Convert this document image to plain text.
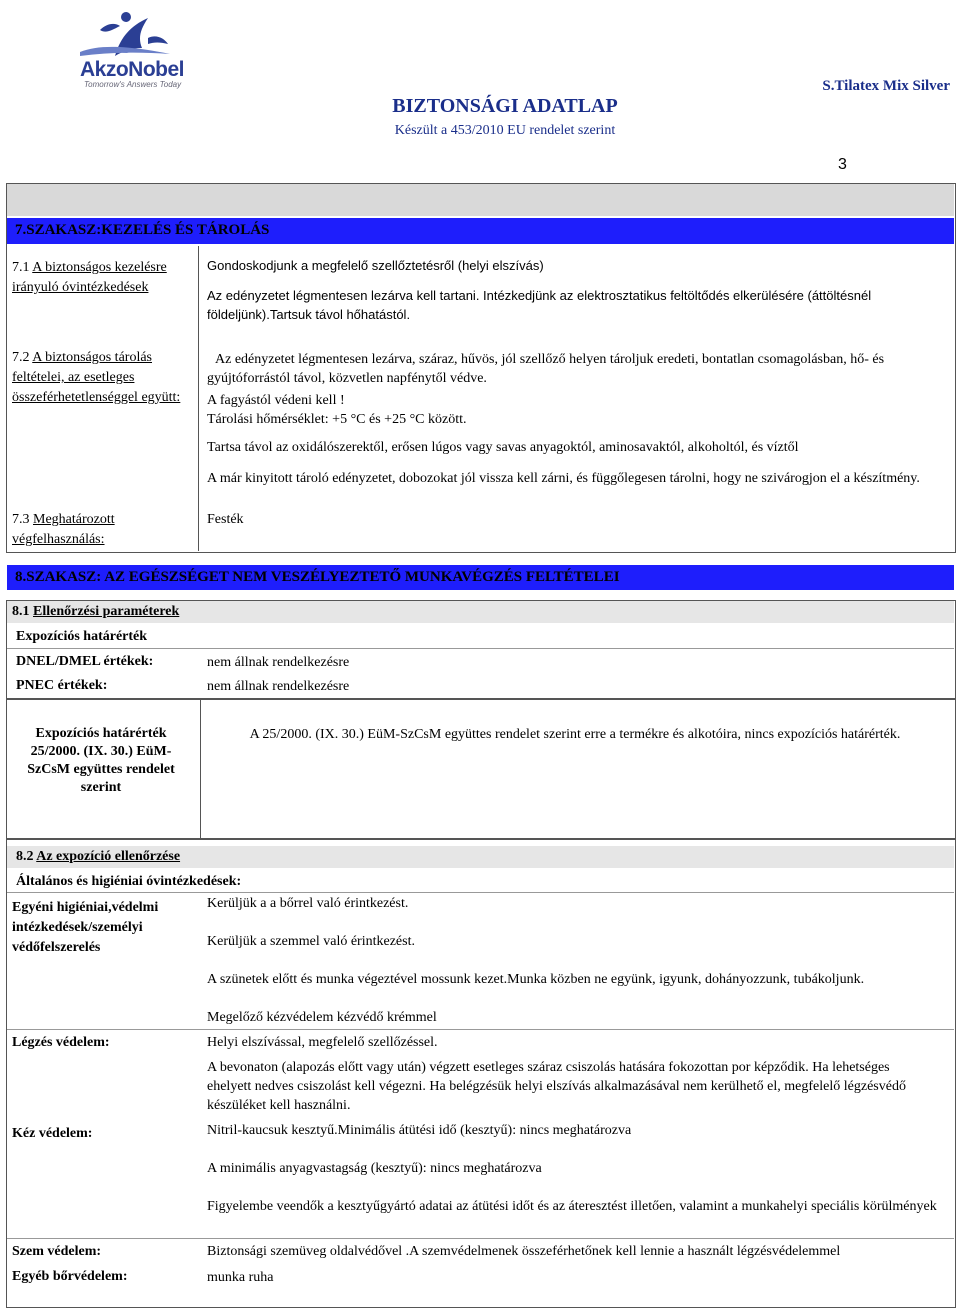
AkzoNobel
Tomorrow's Answers Today
BIZTONSÁGI ADATLAP
Készült a 453/2010 EU rendelet szerint
S.Tilatex Mix Silver
3
7.SZAKASZ:KEZELÉS ÉS TÁROLÁS
7.1 A biztonságos kezelésre irányuló óvintézkedések
Gondoskodjunk a megfelelő szellőztetésről (helyi elszívás)
Az edényzetet légmentesen lezárva kell tartani. Intézkedjünk az elektrosztatikus feltöltődés elkerülésére (áttöltésnél földeljünk).Tartsuk távol hőhatástól.
7.2 A biztonságos tárolás feltételei, az esetleges összeférhetetlenséggel együtt:
Az edényzetet légmentesen lezárva, száraz, hűvös, jól szellőző helyen tároljuk eredeti, bontatlan csomagolásban, hő- és gyújtóforrástól távol, közvetlen napfénytől védve.
A fagyástól védeni kell !
Tárolási hőmérséklet: +5 °C és +25 °C között.
Tartsa távol az oxidálószerektől, erősen lúgos vagy savas anyagoktól, aminosavaktól, alkoholtól, és víztől
A már kinyitott tároló edényzetet, dobozokat jól vissza kell zárni, és függőlegesen tárolni, hogy ne szivárogjon el a készítmény.
7.3 Meghatározott végfelhasználás:
Festék
8.SZAKASZ: AZ EGÉSZSÉGET NEM VESZÉLYEZTETŐ MUNKAVÉGZÉS FELTÉTELEI
8.1 Ellenőrzési paraméterek
Expozíciós határérték
DNEL/DMEL értékek:	nem állnak rendelkezésre
PNEC értékek:	nem állnak rendelkezésre
Expozíciós határérték 25/2000. (IX. 30.) EüM-SzCsM együttes rendelet szerint
A 25/2000. (IX. 30.) EüM-SzCsM együttes rendelet szerint erre a termékre és alkotóira, nincs expozíciós határérték.
8.2 Az expozíció ellenőrzése
Általános és higiéniai óvintézkedések:
Egyéni higiéniai,védelmi intézkedések/személyi védőfelszerelés
Kerüljük a a bőrrel való érintkezést.
Kerüljük a szemmel való érintkezést.
A szünetek előtt és munka végeztével mossunk kezet.Munka közben ne együnk, igyunk, dohányozzunk, tubákoljunk.
Megelőző kézvédelem kézvédő krémmel
Légzés védelem:	Helyi elszívással, megfelelő szellőzéssel.
A bevonaton (alapozás előtt vagy után) végzett esetleges száraz csiszolás hatására fokozottan por képződik. Ha lehetséges ehelyett nedves csiszolást kell végezni. Ha belégzésük helyi elszívás alkalmazásával nem kerülhető el, megfelelő légzésvédő készüléket kell használni.
Kéz védelem:	Nitril-kaucsuk kesztyű.Minimális átütési idő (kesztyű): nincs meghatározva
A minimális anyagvastagság (kesztyű): nincs meghatározva
Figyelembe veendők a kesztyűgyártó adatai az átütési időt és az áteresztést illetően, valamint a munkahelyi speciális körülmények
Szem védelem:	Biztonsági szemüveg oldalvédővel .A szemvédelmenek összeférhetőnek kell lennie a használt légzésvédelemmel
Egyéb bőrvédelem:	munka ruha
